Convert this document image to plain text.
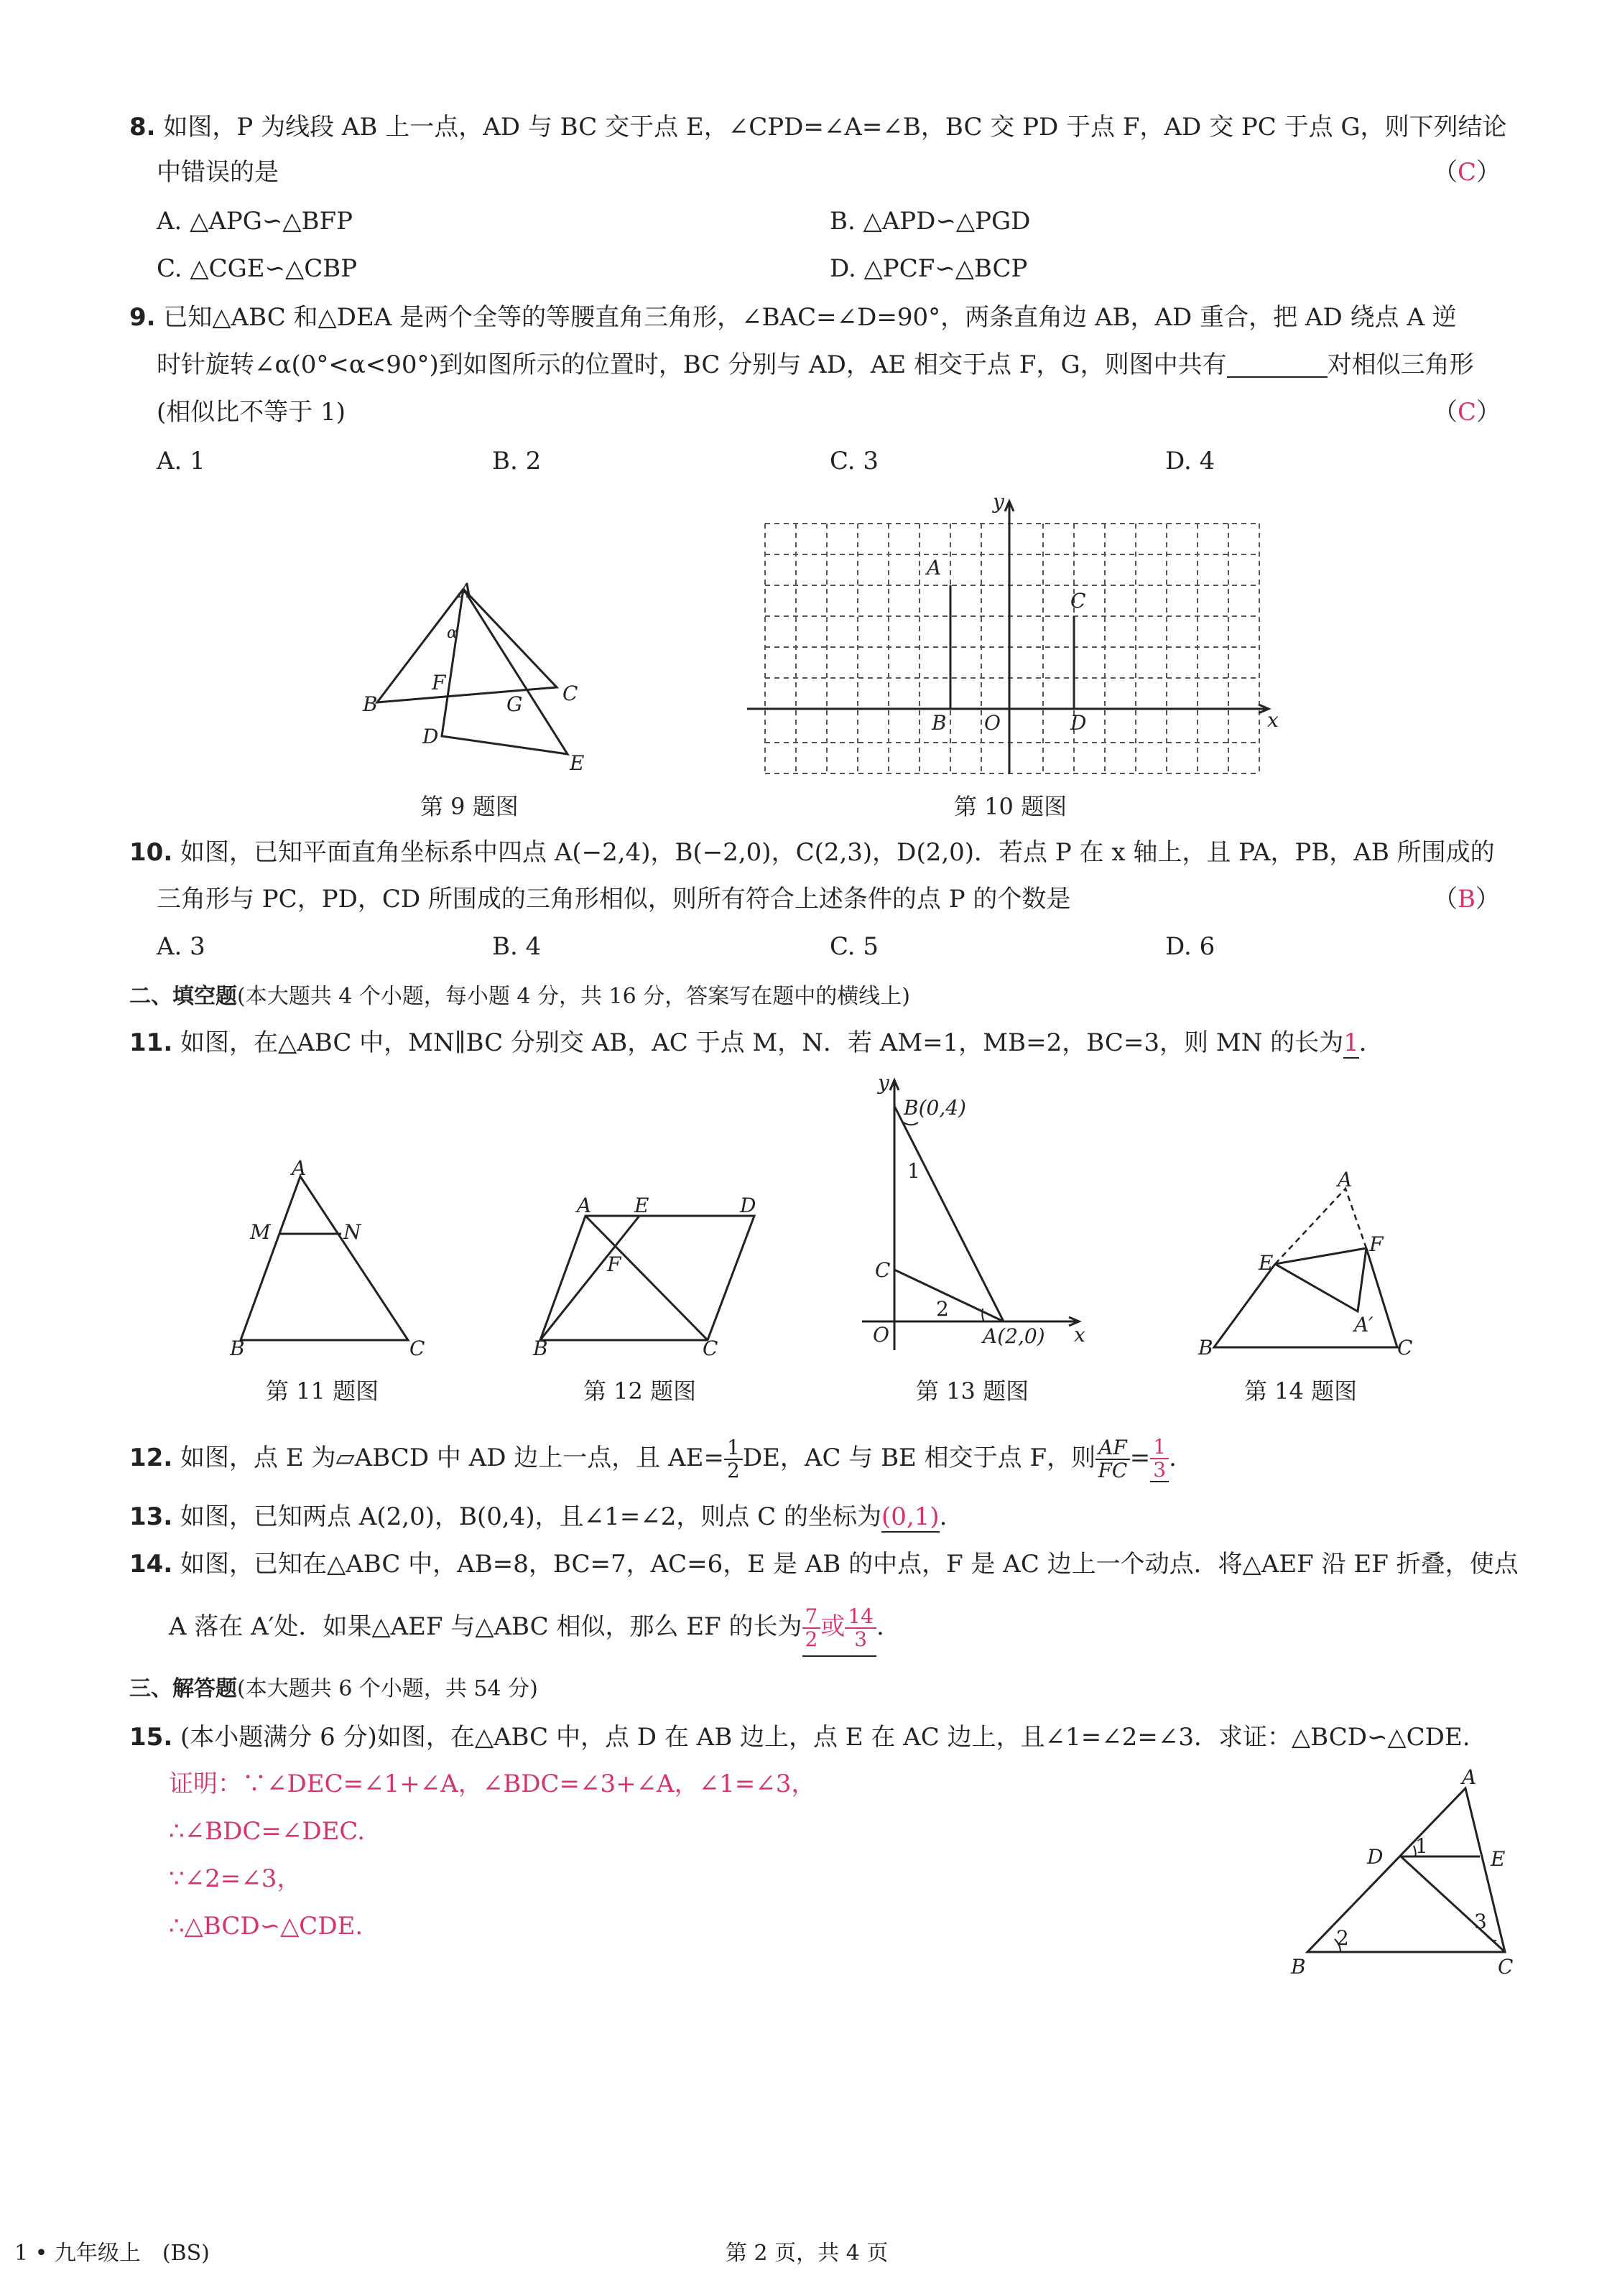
8. 如图，P 为线段 AB 上一点，AD 与 BC 交于点 E，∠CPD=∠A=∠B，BC 交 PD 于点 F，AD 交 PC 于点 G，则下列结论
中错误的是	（C）
A. △APG∽△BFP	B. △APD∽△PGD
C. △CGE∽△CBP	D. △PCF∽△BCP
9. 已知△ABC 和△DEA 是两个全等的等腰直角三角形，∠BAC=∠D=90°，两条直角边 AB，AD 重合，把 AD 绕点 A 逆
时针旋转∠α(0°<α<90°)到如图所示的位置时，BC 分别与 AD，AE 相交于点 F，G，则图中共有	对相似三角形
(相似比不等于 1)	（C）
A. 1	B. 2	C. 3	D. 4
A
B	C
D
E
F
G
α
第 9 题图
y
x
O
A
B
C
D
第 10 题图
10. 如图，已知平面直角坐标系中四点 A(−2,4)，B(−2,0)，C(2,3)，D(2,0)．若点 P 在 x 轴上，且 PA，PB，AB 所围成的
三角形与 PC，PD，CD 所围成的三角形相似，则所有符合上述条件的点 P 的个数是	（B）
A. 3	B. 4	C. 5	D. 6
二、填空题(本大题共 4 个小题，每小题 4 分，共 16 分，答案写在题中的横线上)
11. 如图，在△ABC 中，MN∥BC 分别交 AB，AC 于点 M，N．若 AM=1，MB=2，BC=3，则 MN 的长为1．
A
B	C
M	N
第 11 题图
A E	D
F
B	C
第 12 题图
y
x
O
B(0,4)
C
A(2,0)
1
2
第 13 题图
A
B	C
E
F
A′
第 14 题图
12. 如图，点 E 为▱ABCD 中 AD 边上一点，且 $AE= \frac{1}{2}$ DE，AC 与 BE 相交于点 F，则 $\frac{AF}{FC} = \frac{1}{3}$ .
13. 如图，已知两点 A(2,0)，B(0,4)，且∠1=∠2，则点 C 的坐标为(0,1).
14. 如图，已知在△ABC 中，AB=8，BC=7，AC=6，E 是 AB 的中点，F 是 AC 边上一个动点．将△AEF 沿 EF 折叠，使点
A 落在 A′处．如果△AEF 与△ABC 相似，那么 EF 的长为 $\frac{7}{2}$ 或 $\frac{14}{3}$ .
三、解答题(本大题共 6 个小题，共 54 分)
15. (本小题满分 6 分)如图，在△ABC 中，点 D 在 AB 边上，点 E 在 AC 边上，且∠1=∠2=∠3．求证：△BCD∽△CDE.
证明：∵∠DEC=∠1+∠A，∠BDC=∠3+∠A，∠1=∠3，
∴∠BDC=∠DEC.
∵∠2=∠3，
∴△BCD∽△CDE.
A
B	C
D	E
1
2
3
1 • 九年级上　(BS)	第 2 页，共 4 页
